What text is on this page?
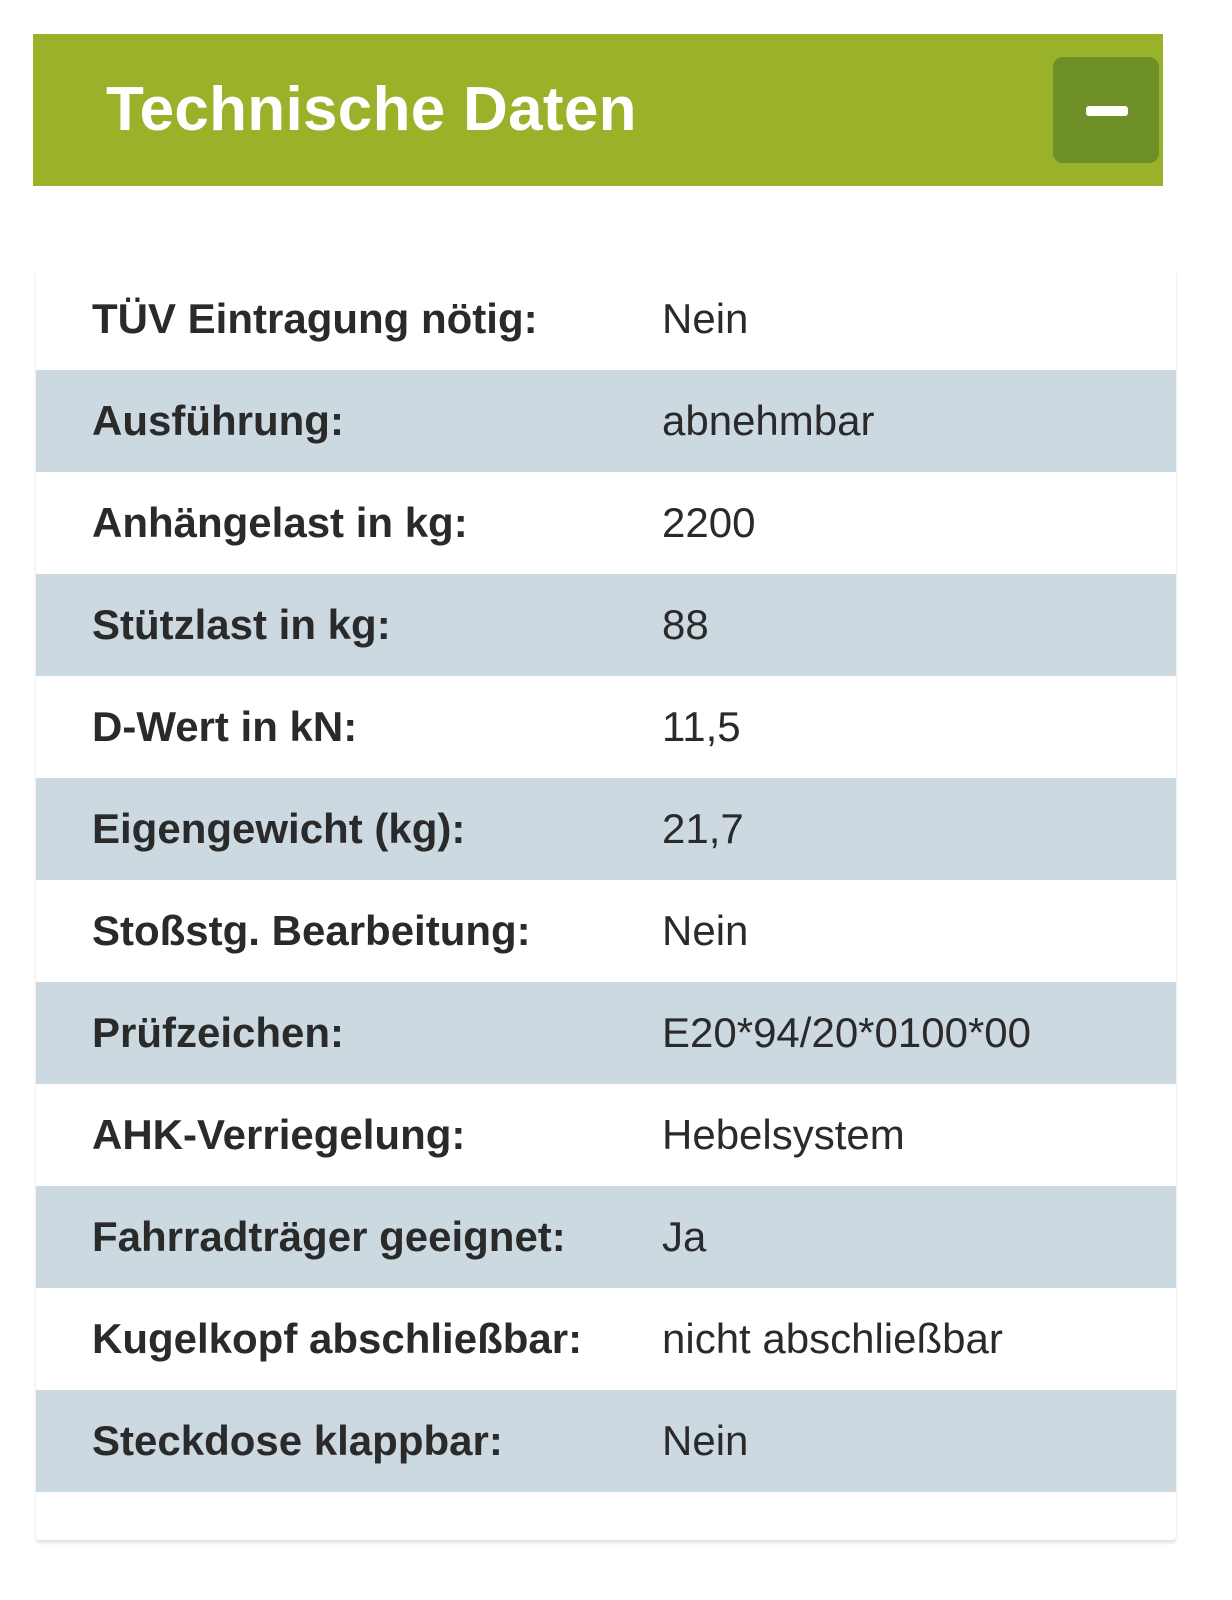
Technische Daten
TÜV Eintragung nötig:	Nein
Ausführung:	abnehmbar
Anhängelast in kg:	2200
Stützlast in kg:	88
D-Wert in kN:	11,5
Eigengewicht (kg):	21,7
Stoßstg. Bearbeitung:	Nein
Prüfzeichen:	E20*94/20*0100*00
AHK-Verriegelung:	Hebelsystem
Fahrradträger geeignet:	Ja
Kugelkopf abschließbar:	nicht abschließbar
Steckdose klappbar:	Nein
